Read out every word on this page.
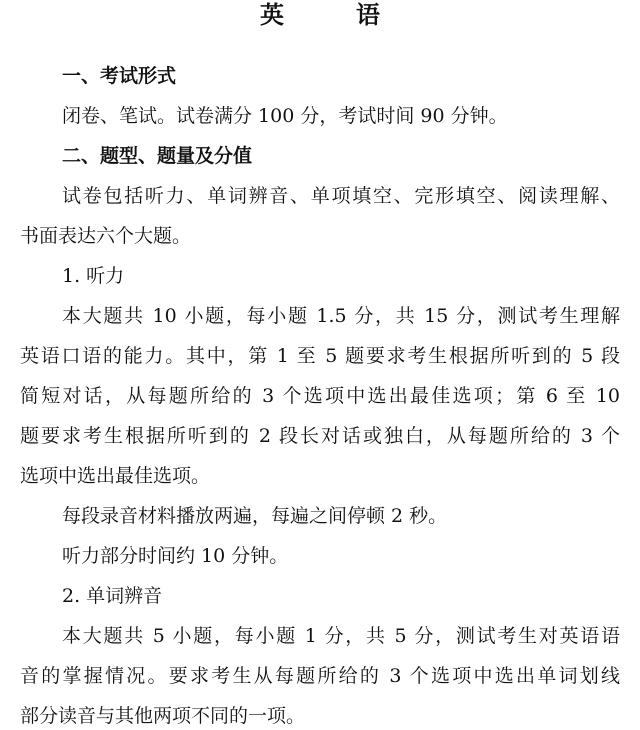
英　语
一、考试形式
闭卷、笔试。试卷满分 100 分，考试时间 90 分钟。
二、题型、题量及分值
试卷包括听力、单词辨音、单项填空、完形填空、阅读理解、
书面表达六个大题。
1. 听力
本大题共 10 小题，每小题 1.5 分，共 15 分，测试考生理解
英语口语的能力。其中，第 1 至 5 题要求考生根据所听到的 5 段
简短对话，从每题所给的 3 个选项中选出最佳选项；第 6 至 10
题要求考生根据所听到的 2 段长对话或独白，从每题所给的 3 个
选项中选出最佳选项。
每段录音材料播放两遍，每遍之间停顿 2 秒。
听力部分时间约 10 分钟。
2. 单词辨音
本大题共 5 小题，每小题 1 分，共 5 分，测试考生对英语语
音的掌握情况。要求考生从每题所给的 3 个选项中选出单词划线
部分读音与其他两项不同的一项。
